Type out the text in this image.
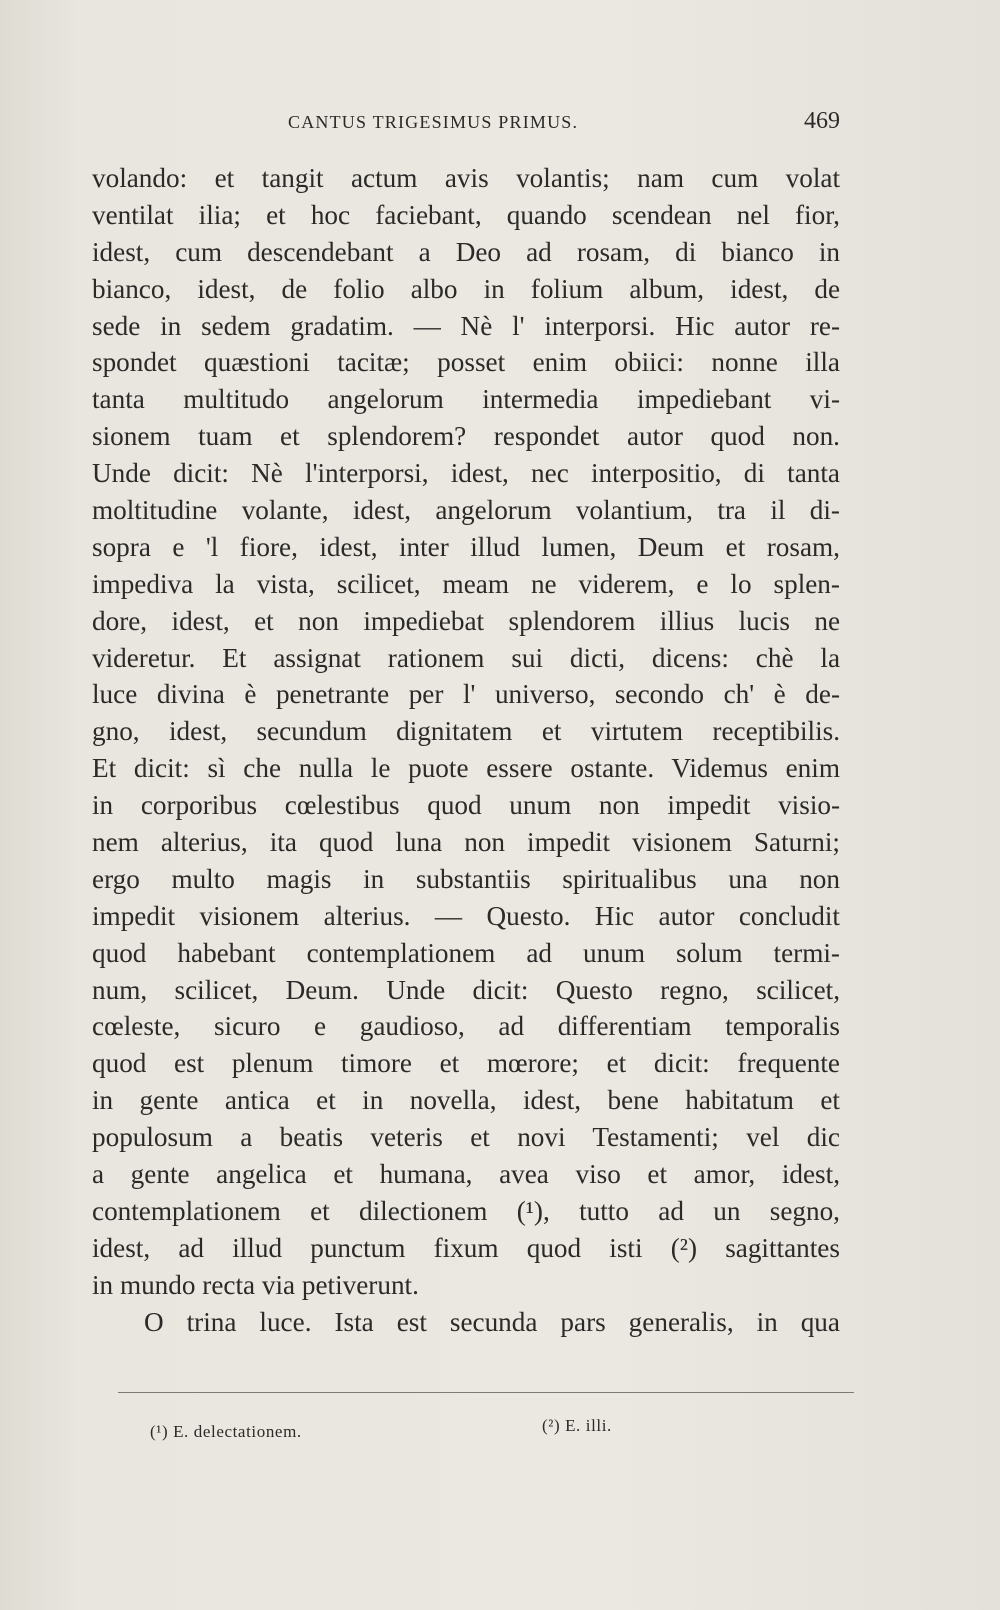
CANTUS TRIGESIMUS PRIMUS.	469
volando: et tangit actum avis volantis; nam cum volat
ventilat ilia; et hoc faciebant, quando scendean nel fior,
idest, cum descendebant a Deo ad rosam, di bianco in
bianco, idest, de folio albo in folium album, idest, de
sede in sedem gradatim. — Nè l' interporsi. Hic autor re-
spondet quæstioni tacitæ; posset enim obiici: nonne illa
tanta multitudo angelorum intermedia impediebant vi-
sionem tuam et splendorem? respondet autor quod non.
Unde dicit: Nè l'interporsi, idest, nec interpositio, di tanta
moltitudine volante, idest, angelorum volantium, tra il di-
sopra e 'l fiore, idest, inter illud lumen, Deum et rosam,
impediva la vista, scilicet, meam ne viderem, e lo splen-
dore, idest, et non impediebat splendorem illius lucis ne
videretur. Et assignat rationem sui dicti, dicens: chè la
luce divina è penetrante per l' universo, secondo ch' è de-
gno, idest, secundum dignitatem et virtutem receptibilis.
Et dicit: sì che nulla le puote essere ostante. Videmus enim
in corporibus cœlestibus quod unum non impedit visio-
nem alterius, ita quod luna non impedit visionem Saturni;
ergo multo magis in substantiis spiritualibus una non
impedit visionem alterius. — Questo. Hic autor concludit
quod habebant contemplationem ad unum solum termi-
num, scilicet, Deum. Unde dicit: Questo regno, scilicet,
cœleste, sicuro e gaudioso, ad differentiam temporalis
quod est plenum timore et mœrore; et dicit: frequente
in gente antica et in novella, idest, bene habitatum et
populosum a beatis veteris et novi Testamenti; vel dic
a gente angelica et humana, avea viso et amor, idest,
contemplationem et dilectionem (¹), tutto ad un segno,
idest, ad illud punctum fixum quod isti (²) sagittantes
in mundo recta via petiverunt.
O trina luce. Ista est secunda pars generalis, in qua
(¹) E. delectationem.	(²) E. illi.
